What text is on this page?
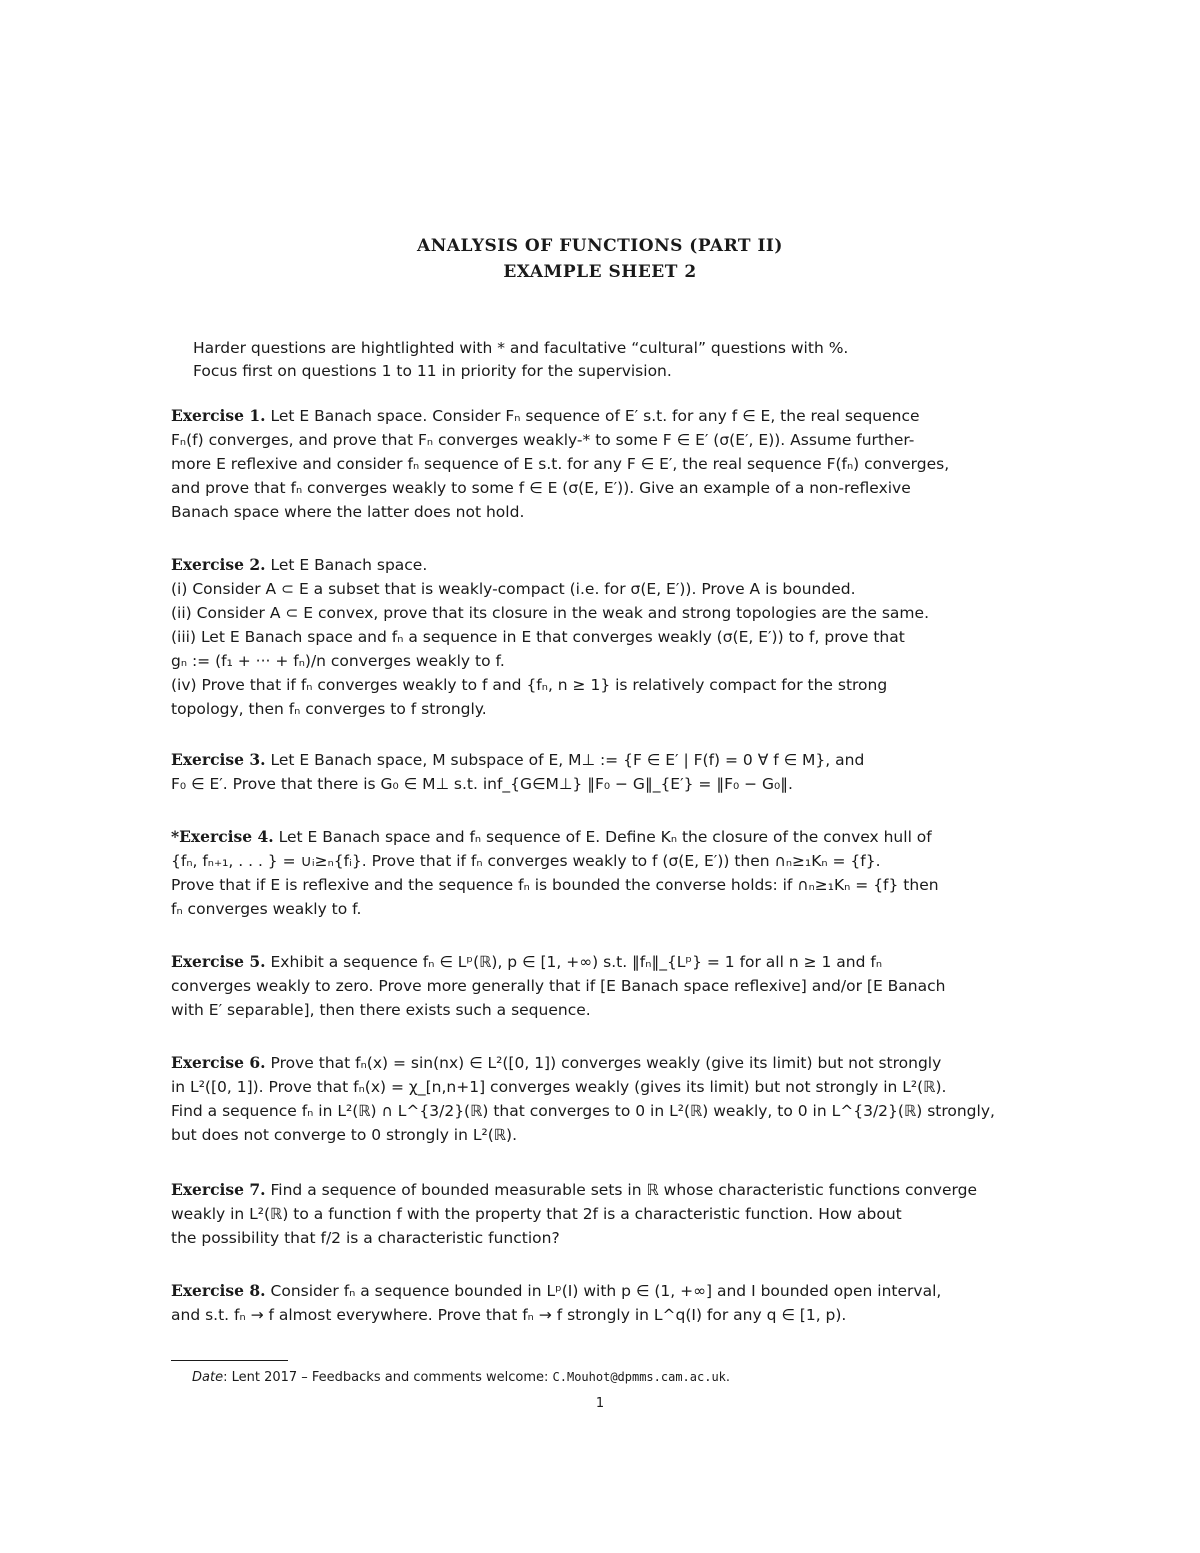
ANALYSIS OF FUNCTIONS (PART II)
EXAMPLE SHEET 2
Harder questions are hightlighted with * and facultative “cultural” questions with %.
Focus first on questions 1 to 11 in priority for the supervision.
Exercise 1. Let E Banach space. Consider Fₙ sequence of E′ s.t. for any f ∈ E, the real sequence
Fₙ(f) converges, and prove that Fₙ converges weakly-* to some F ∈ E′ (σ(E′, E)). Assume further-
more E reflexive and consider fₙ sequence of E s.t. for any F ∈ E′, the real sequence F(fₙ) converges,
and prove that fₙ converges weakly to some f ∈ E (σ(E, E′)). Give an example of a non-reflexive
Banach space where the latter does not hold.
Exercise 2. Let E Banach space.
(i) Consider A ⊂ E a subset that is weakly-compact (i.e. for σ(E, E′)). Prove A is bounded.
(ii) Consider A ⊂ E convex, prove that its closure in the weak and strong topologies are the same.
(iii) Let E Banach space and fₙ a sequence in E that converges weakly (σ(E, E′)) to f, prove that
gₙ := (f₁ + ··· + fₙ)/n converges weakly to f.
(iv) Prove that if fₙ converges weakly to f and {fₙ, n ≥ 1} is relatively compact for the strong
topology, then fₙ converges to f strongly.
Exercise 3. Let E Banach space, M subspace of E, M⊥ := {F ∈ E′ | F(f) = 0 ∀ f ∈ M}, and
F₀ ∈ E′. Prove that there is G₀ ∈ M⊥ s.t. inf_{G∈M⊥} ‖F₀ − G‖_{E′} = ‖F₀ − G₀‖.
*Exercise 4. Let E Banach space and fₙ sequence of E. Define Kₙ the closure of the convex hull of
{fₙ, fₙ₊₁, . . . } = ∪ᵢ≥ₙ{fᵢ}. Prove that if fₙ converges weakly to f (σ(E, E′)) then ∩ₙ≥₁Kₙ = {f}.
Prove that if E is reflexive and the sequence fₙ is bounded the converse holds: if ∩ₙ≥₁Kₙ = {f} then
fₙ converges weakly to f.
Exercise 5. Exhibit a sequence fₙ ∈ Lᵖ(ℝ), p ∈ [1, +∞) s.t. ‖fₙ‖_{Lᵖ} = 1 for all n ≥ 1 and fₙ
converges weakly to zero. Prove more generally that if [E Banach space reflexive] and/or [E Banach
with E′ separable], then there exists such a sequence.
Exercise 6. Prove that fₙ(x) = sin(nx) ∈ L²([0, 1]) converges weakly (give its limit) but not strongly
in L²([0, 1]). Prove that fₙ(x) = χ_[n,n+1] converges weakly (gives its limit) but not strongly in L²(ℝ).
Find a sequence fₙ in L²(ℝ) ∩ L^{3/2}(ℝ) that converges to 0 in L²(ℝ) weakly, to 0 in L^{3/2}(ℝ) strongly,
but does not converge to 0 strongly in L²(ℝ).
Exercise 7. Find a sequence of bounded measurable sets in ℝ whose characteristic functions converge
weakly in L²(ℝ) to a function f with the property that 2f is a characteristic function. How about
the possibility that f/2 is a characteristic function?
Exercise 8. Consider fₙ a sequence bounded in Lᵖ(I) with p ∈ (1, +∞] and I bounded open interval,
and s.t. fₙ → f almost everywhere. Prove that fₙ → f strongly in L^q(I) for any q ∈ [1, p).
Date: Lent 2017 – Feedbacks and comments welcome: C.Mouhot@dpmms.cam.ac.uk.
1
